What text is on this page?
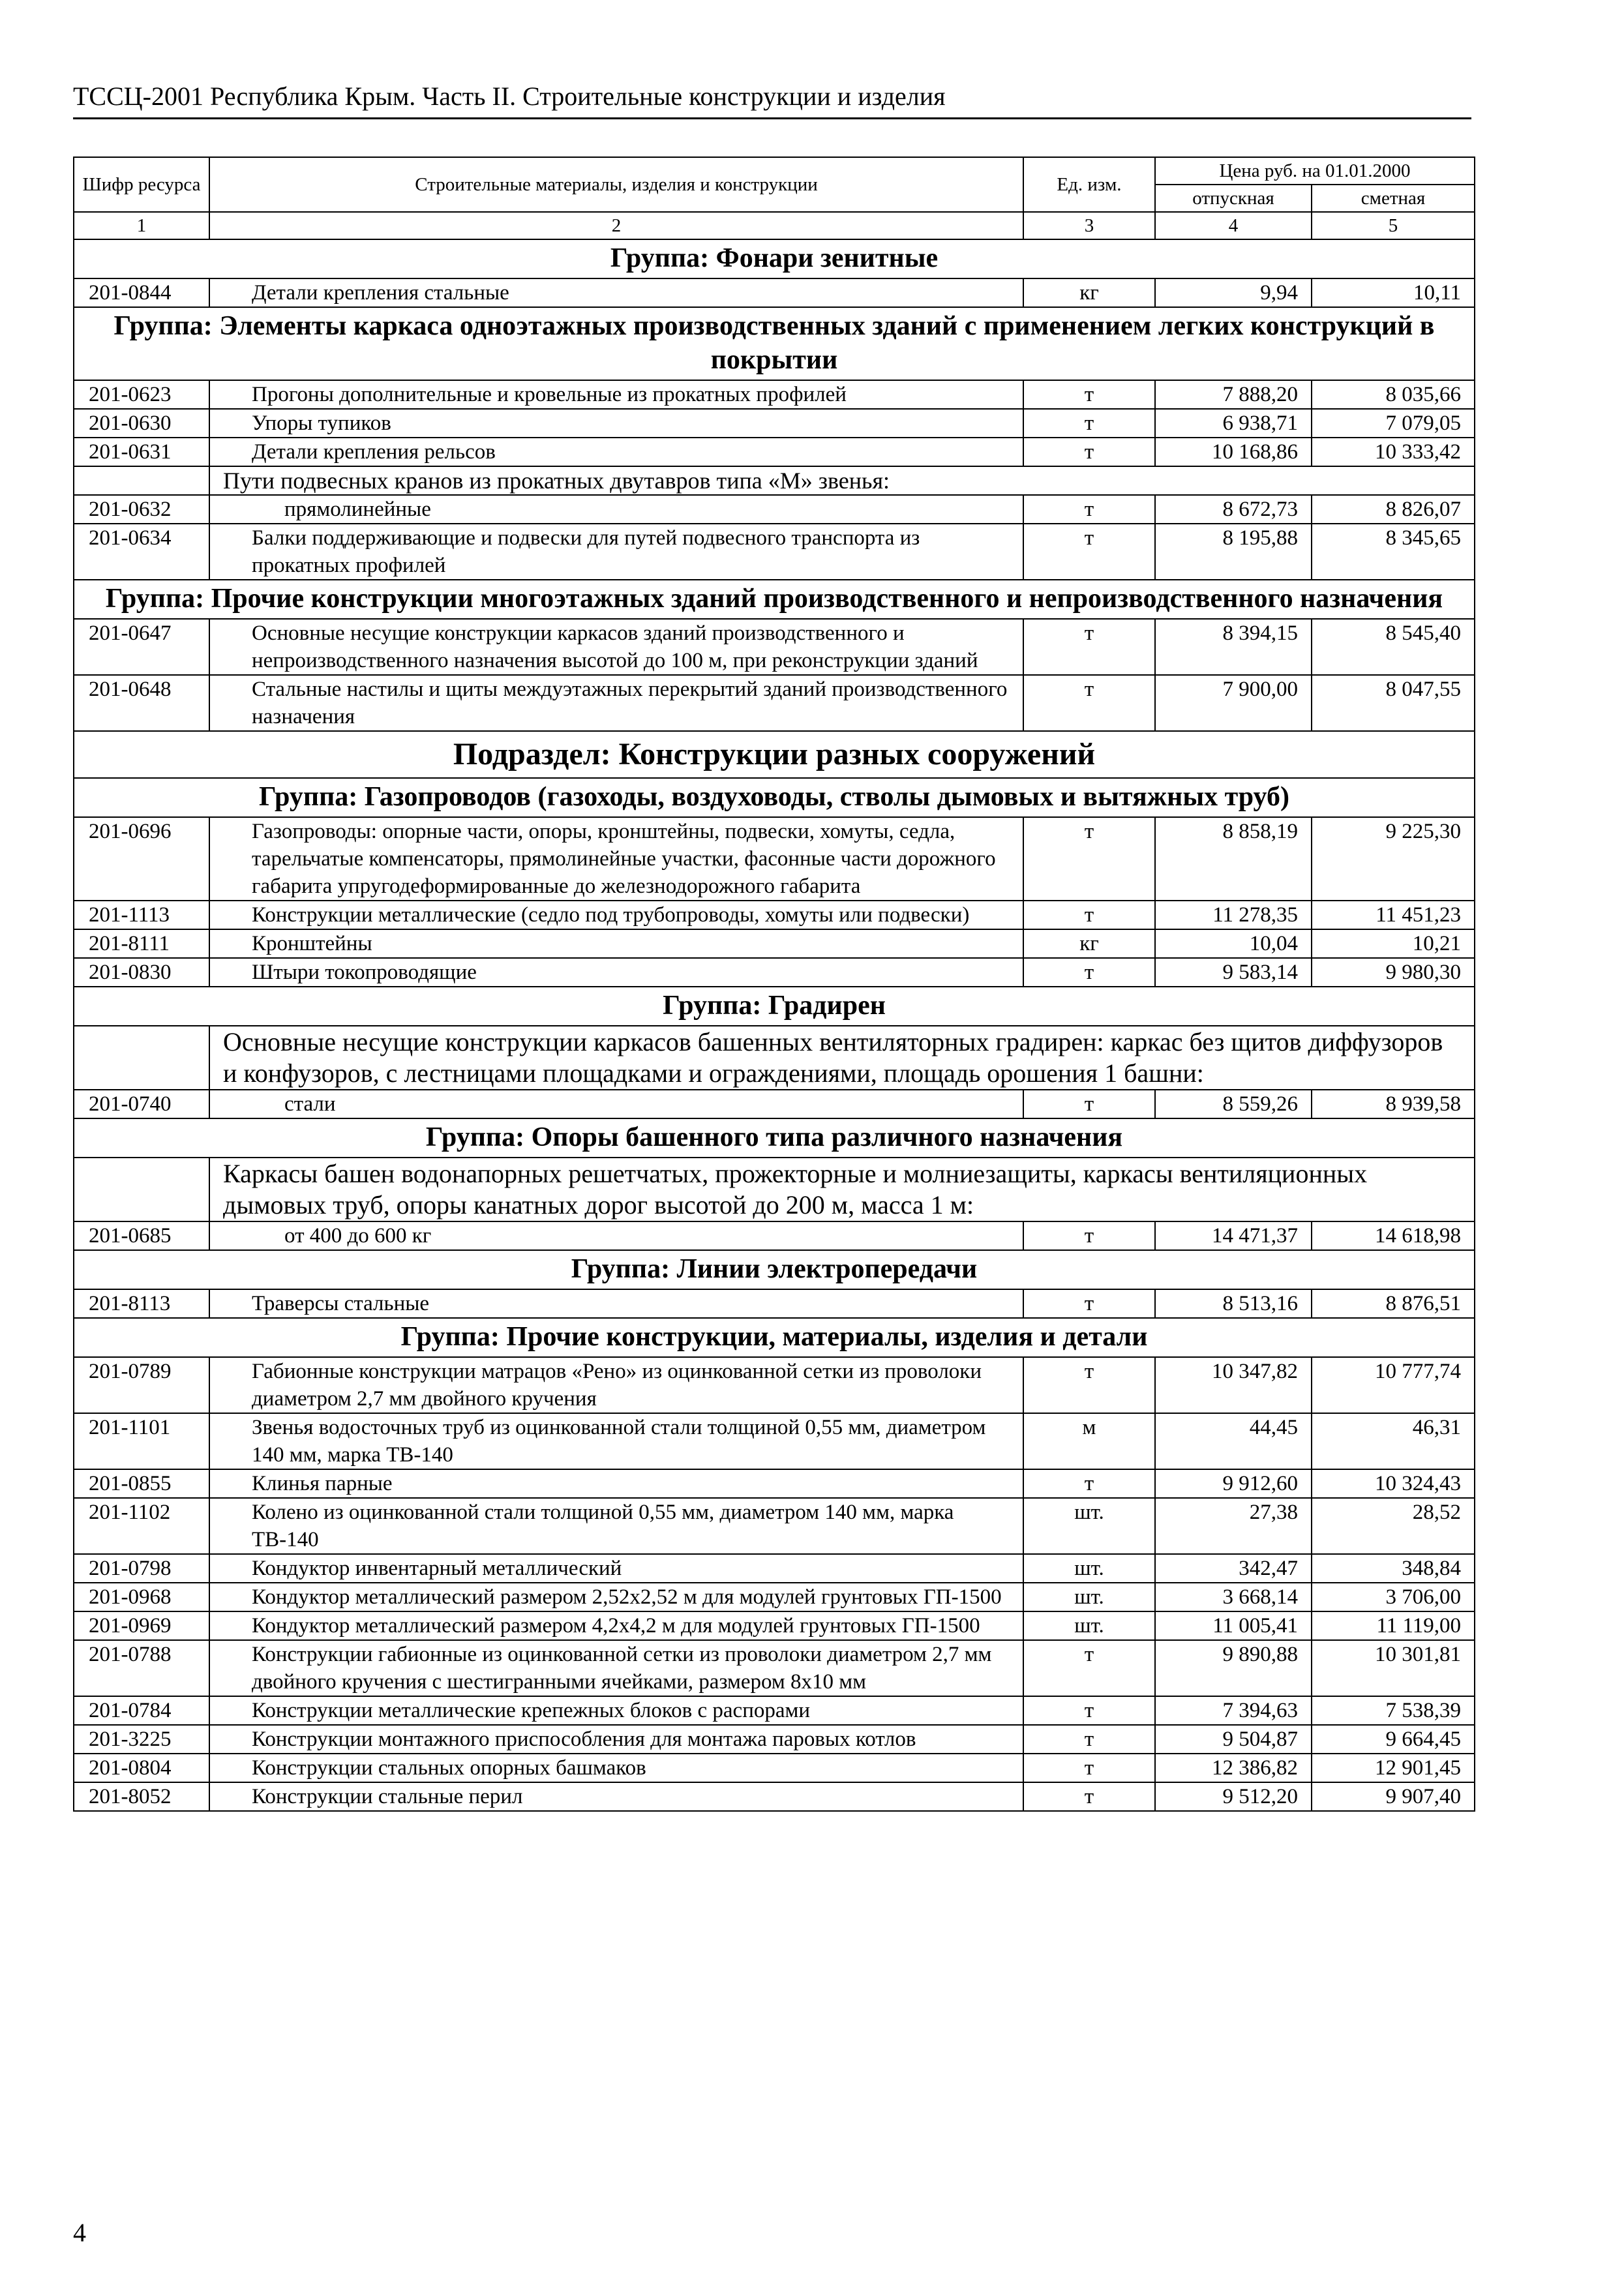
ТССЦ-2001 Республика Крым. Часть II. Строительные конструкции и изделия
Шифр ресурса	Строительные материалы, изделия и конструкции	Ед. изм.	Цена руб. на 01.01.2000	
			отпускная	сметная
1	2	3	4	5
Группа: Фонари зенитные				
201-0844	Детали крепления стальные	кг	9,94	10,11
Группа: Элементы каркаса одноэтажных производственных зданий с применением легких конструкций в покрытии				
201-0623	Прогоны дополнительные и кровельные из прокатных профилей	т	7 888,20	8 035,66
201-0630	Упоры тупиков	т	6 938,71	7 079,05
201-0631	Детали крепления рельсов	т	10 168,86	10 333,42
	Пути подвесных кранов из прокатных двутавров типа «М» звенья:			
201-0632	прямолинейные	т	8 672,73	8 826,07
201-0634	Балки поддерживающие и подвески для путей подвесного транспорта из прокатных профилей	т	8 195,88	8 345,65
Группа: Прочие конструкции многоэтажных зданий производственного и непроизводственного назначения				
201-0647	Основные несущие конструкции каркасов зданий производственного и непроизводственного назначения высотой до 100 м, при реконструкции зданий	т	8 394,15	8 545,40
201-0648	Стальные настилы и щиты междуэтажных перекрытий зданий производственного назначения	т	7 900,00	8 047,55
Подраздел: Конструкции разных сооружений				
Группа: Газопроводов (газоходы, воздуховоды, стволы дымовых и вытяжных труб)				
201-0696	Газопроводы: опорные части, опоры, кронштейны, подвески, хомуты, седла, тарельчатые компенсаторы, прямолинейные участки, фасонные части дорожного габарита упругодеформированные до железнодорожного габарита	т	8 858,19	9 225,30
201-1113	Конструкции металлические (седло под трубопроводы, хомуты или подвески)	т	11 278,35	11 451,23
201-8111	Кронштейны	кг	10,04	10,21
201-0830	Штыри токопроводящие	т	9 583,14	9 980,30
Группа: Градирен				
	Основные несущие конструкции каркасов башенных вентиляторных градирен: каркас без щитов диффузоров и конфузоров, с лестницами площадками и ограждениями, площадь орошения 1 башни:			
201-0740	стали	т	8 559,26	8 939,58
Группа: Опоры башенного типа различного назначения				
	Каркасы башен водонапорных решетчатых, прожекторные и молниезащиты, каркасы вентиляционных дымовых труб, опоры канатных дорог высотой до 200 м, масса 1 м:			
201-0685	от 400 до 600 кг	т	14 471,37	14 618,98
Группа: Линии электропередачи				
201-8113	Траверсы стальные	т	8 513,16	8 876,51
Группа: Прочие конструкции, материалы, изделия и детали				
201-0789	Габионные конструкции матрацов «Рено» из оцинкованной сетки из проволоки диаметром 2,7 мм двойного кручения	т	10 347,82	10 777,74
201-1101	Звенья водосточных труб из оцинкованной стали толщиной 0,55 мм, диаметром 140 мм, марка ТВ-140	м	44,45	46,31
201-0855	Клинья парные	т	9 912,60	10 324,43
201-1102	Колено из оцинкованной стали толщиной 0,55 мм, диаметром 140 мм, марка ТВ-140	шт.	27,38	28,52
201-0798	Кондуктор инвентарный металлический	шт.	342,47	348,84
201-0968	Кондуктор металлический размером 2,52х2,52 м для модулей грунтовых ГП-1500	шт.	3 668,14	3 706,00
201-0969	Кондуктор металлический размером 4,2х4,2 м для модулей грунтовых ГП-1500	шт.	11 005,41	11 119,00
201-0788	Конструкции габионные из оцинкованной сетки из проволоки диаметром 2,7 мм двойного кручения с шестигранными ячейками, размером 8х10 мм	т	9 890,88	10 301,81
201-0784	Конструкции металлические крепежных блоков с распорами	т	7 394,63	7 538,39
201-3225	Конструкции монтажного приспособления для монтажа паровых котлов	т	9 504,87	9 664,45
201-0804	Конструкции стальных опорных башмаков	т	12 386,82	12 901,45
201-8052	Конструкции стальные перил	т	9 512,20	9 907,40
4
